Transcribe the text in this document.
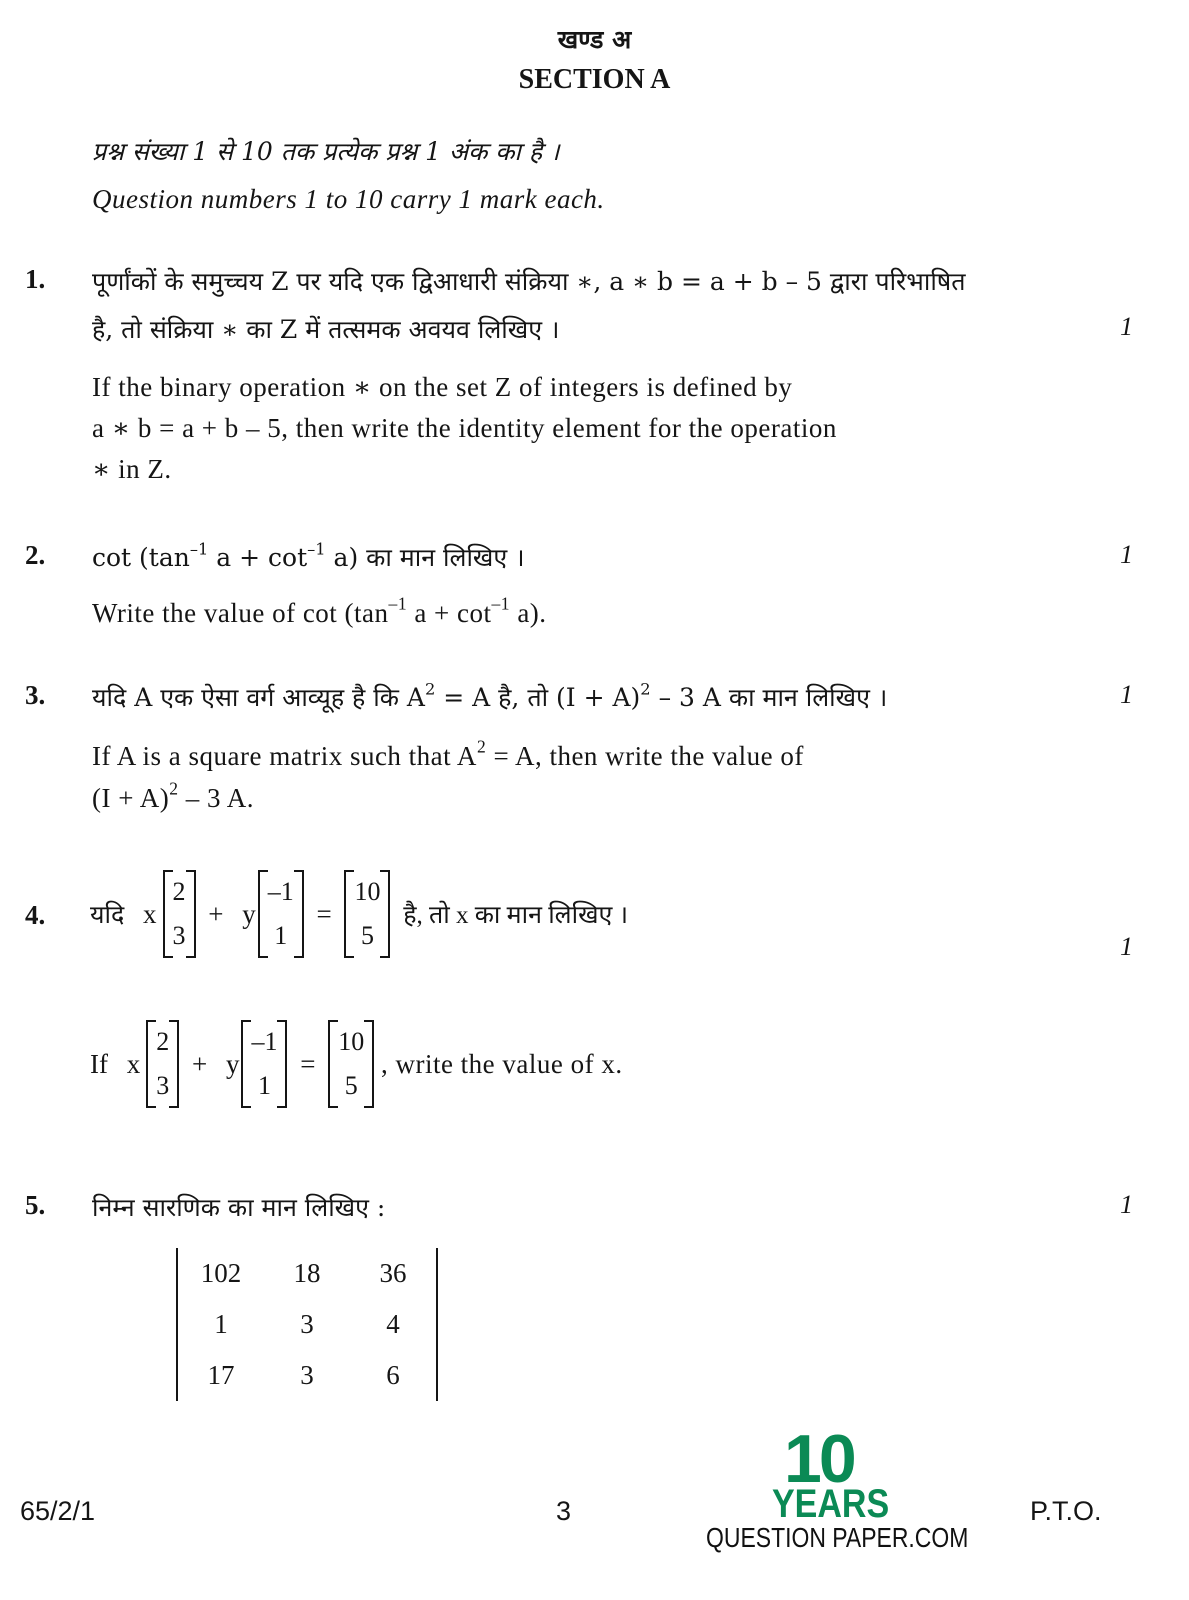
खण्ड अ
SECTION A
प्रश्न संख्या 1 से 10 तक प्रत्येक प्रश्न 1 अंक का है ।
Question numbers 1 to 10 carry 1 mark each.
1. पूर्णांकों के समुच्चय Z पर यदि एक द्विआधारी संक्रिया ∗, a ∗ b = a + b – 5 द्वारा परिभाषित
है, तो संक्रिया ∗ का Z में तत्समक अवयव लिखिए ।	1
If the binary operation ∗ on the set Z of integers is defined by
a ∗ b = a + b – 5, then write the identity element for the operation
∗ in Z.
2. $\cot (\tan^{-1}$ $a + \cot^{-1} a$) का मान लिखिए ।	1
Write the value of $\cot (\tan^{-1}$ $a + \cot^{-1} a$).
3. यदि A एक ऐसा वर्ग आव्यूह है कि $A^2 = A$ है, तो $(I + A)^2 - 3$ A का मान लिखिए ।	1
If A is a square matrix such that $A^2 = A$, then write the value of
$(I + A)^2 - 3$ A.
4. यदि x
2
3
+ y
–1
1
=
10
5
है, तो x का मान लिखिए ।
1
If x
2
3
+ y
–1
1
=
10
5
, write the value of x.
5. निम्न सारणिक का मान लिखिए :	1
102	18	36
1	3	4
17	3	6
65/2/1	3	P.T.O.
10
YEARS
QUESTION PAPER.COM
